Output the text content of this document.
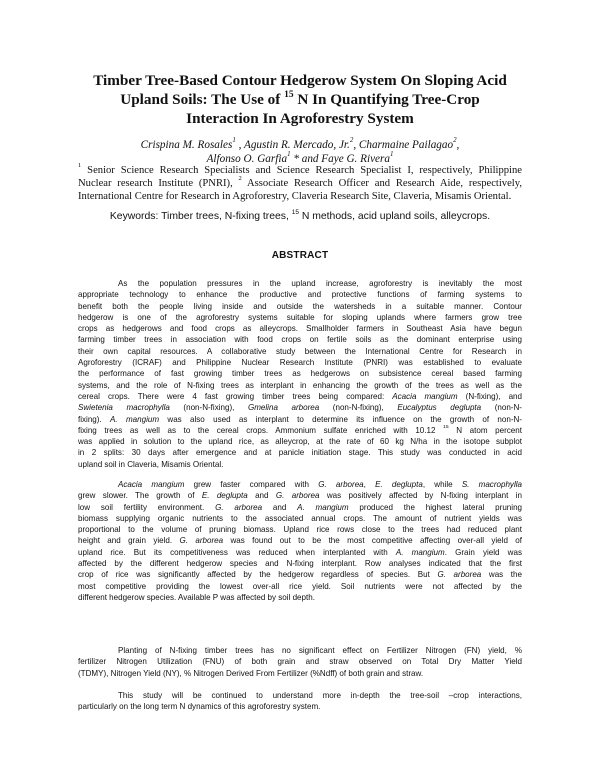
Timber Tree-Based Contour Hedgerow System On Sloping Acid
Upland Soils: The Use of $^{15}$ N In Quantifying Tree-Crop
Interaction In Agroforestry System
Crispina M. Rosales$^1$ , Agustin R. Mercado, Jr.$^2$, Charmaine Pailagao$^2$,
Alfonso O. Garfia$^1$ * and Faye G. Rivera$^1$
$^1$ Senior Science Research Specialists and Science Research Specialist I, respectively, Philippine
Nuclear research Institute (PNRI), $^2$ Associate Research Officer and Research Aide, respectively,
International Centre for Research in Agroforestry, Claveria Research Site, Claveria, Misamis Oriental.
Keywords: Timber trees, N-fixing trees, $^{15}$ N methods, acid upland soils, alleycrops.
ABSTRACT
As the population pressures in the upland increase, agroforestry is inevitably the most
appropriate technology to enhance the productive and protective functions of farming systems to
benefit both the people living inside and outside the watersheds in a suitable manner. Contour
hedgerow is one of the agroforestry systems suitable for sloping uplands where farmers grow tree
crops as hedgerows and food crops as alleycrops. Smallholder farmers in Southeast Asia have begun
farming timber trees in association with food crops on fertile soils as the dominant enterprise using
their own capital resources. A collaborative study between the International Centre for Research in
Agroforestry (ICRAF) and Philippine Nuclear Research Institute (PNRI) was established to evaluate
the performance of fast growing timber trees as hedgerows on subsistence cereal based farming
systems, and the role of N-fixing trees as interplant in enhancing the growth of the trees as well as the
cereal crops. There were 4 fast growing timber trees being compared: Acacia mangium (N-fixing), and
Swietenia macrophylla (non-N-fixing), Gmelina arborea (non-N-fixing), Eucalyptus deglupta (non-N-
fixing). A. mangium was also used as interplant to determine its influence on the growth of non-N-
fixing trees as well as to the cereal crops. Ammonium sulfate enriched with 10.12 $^{15}$ N atom percent
was applied in solution to the upland rice, as alleycrop, at the rate of 60 kg N/ha in the isotope subplot
in 2 splits: 30 days after emergence and at panicle initiation stage. This study was conducted in acid
upland soil in Claveria, Misamis Oriental.
Acacia mangium grew faster compared with G. arborea, E. deglupta, while S. macrophylla
grew slower. The growth of E. deglupta and G. arborea was positively affected by N-fixing interplant in
low soil fertility environment. G. arborea and A. mangium produced the highest lateral pruning
biomass supplying organic nutrients to the associated annual crops. The amount of nutrient yields was
proportional to the volume of pruning biomass. Upland rice rows close to the trees had reduced plant
height and grain yield. G. arborea was found out to be the most competitive affecting over-all yield of
upland rice. But its competitiveness was reduced when interplanted with A. mangium. Grain yield was
affected by the different hedgerow species and N-fixing interplant. Row analyses indicated that the first
crop of rice was significantly affected by the hedgerow regardless of species. But G. arborea was the
most competitive providing the lowest over-all rice yield. Soil nutrients were not affected by the
different hedgerow species. Available P was affected by soil depth.
Planting of N-fixing timber trees has no significant effect on Fertilizer Nitrogen (FN) yield, %
fertilizer Nitrogen Utilization (FNU) of both grain and straw observed on Total Dry Matter Yield
(TDMY), Nitrogen Yield (NY), % Nitrogen Derived From Fertilizer (%Ndff) of both grain and straw.
This study will be continued to understand more in-depth the tree-soil –crop interactions,
particularly on the long term N dynamics of this agroforestry system.
